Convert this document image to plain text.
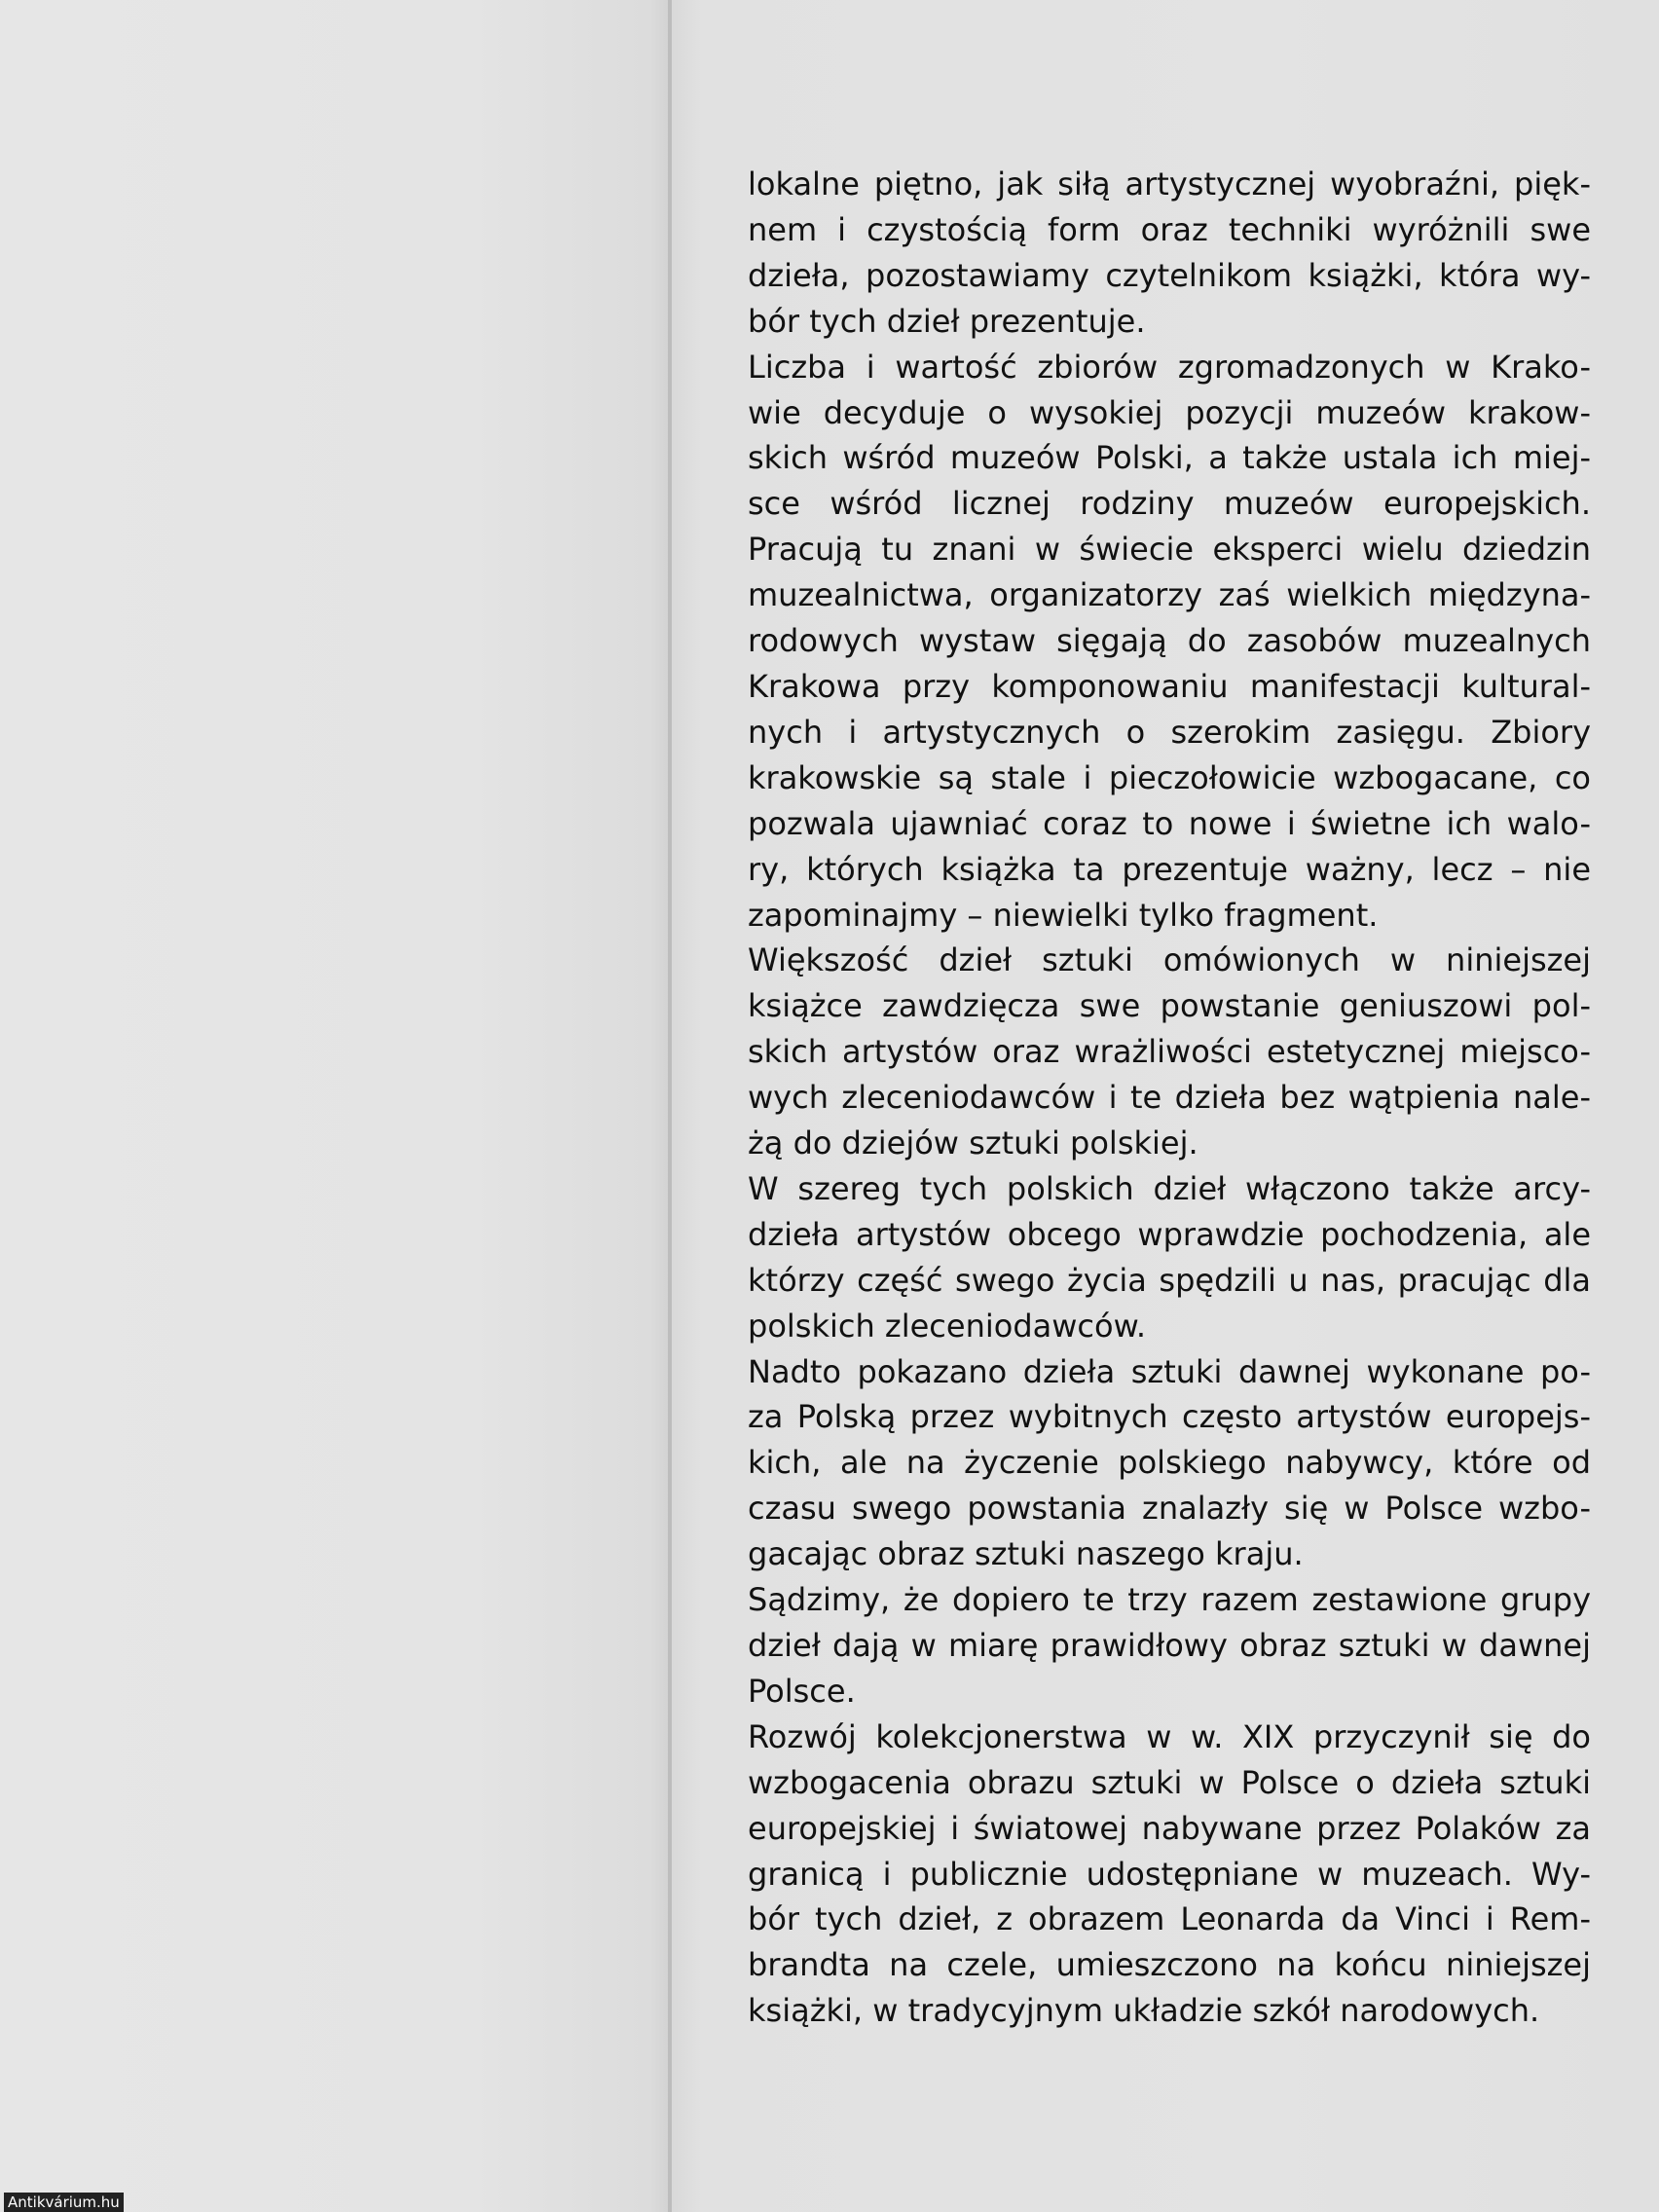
lokalne piętno, jak siłą artystycznej wyobraźni, pięk-
nem i czystością form oraz techniki wyróżnili swe
dzieła, pozostawiamy czytelnikom książki, która wy-
bór tych dzieł prezentuje.
Liczba i wartość zbiorów zgromadzonych w Krako-
wie decyduje o wysokiej pozycji muzeów krakow-
skich wśród muzeów Polski, a także ustala ich miej-
sce wśród licznej rodziny muzeów europejskich.
Pracują tu znani w świecie eksperci wielu dziedzin
muzealnictwa, organizatorzy zaś wielkich międzyna-
rodowych wystaw sięgają do zasobów muzealnych
Krakowa przy komponowaniu manifestacji kultural-
nych i artystycznych o szerokim zasięgu. Zbiory
krakowskie są stale i pieczołowicie wzbogacane, co
pozwala ujawniać coraz to nowe i świetne ich walo-
ry, których książka ta prezentuje ważny, lecz – nie
zapominajmy – niewielki tylko fragment.
Większość dzieł sztuki omówionych w niniejszej
książce zawdzięcza swe powstanie geniuszowi pol-
skich artystów oraz wrażliwości estetycznej miejsco-
wych zleceniodawców i te dzieła bez wątpienia nale-
żą do dziejów sztuki polskiej.
W szereg tych polskich dzieł włączono także arcy-
dzieła artystów obcego wprawdzie pochodzenia, ale
którzy część swego życia spędzili u nas, pracując dla
polskich zleceniodawców.
Nadto pokazano dzieła sztuki dawnej wykonane po-
za Polską przez wybitnych często artystów europejs-
kich, ale na życzenie polskiego nabywcy, które od
czasu swego powstania znalazły się w Polsce wzbo-
gacając obraz sztuki naszego kraju.
Sądzimy, że dopiero te trzy razem zestawione grupy
dzieł dają w miarę prawidłowy obraz sztuki w dawnej
Polsce.
Rozwój kolekcjonerstwa w w. XIX przyczynił się do
wzbogacenia obrazu sztuki w Polsce o dzieła sztuki
europejskiej i światowej nabywane przez Polaków za
granicą i publicznie udostępniane w muzeach. Wy-
bór tych dzieł, z obrazem Leonarda da Vinci i Rem-
brandta na czele, umieszczono na końcu niniejszej
książki, w tradycyjnym układzie szkół narodowych.
Antikvárium.hu
